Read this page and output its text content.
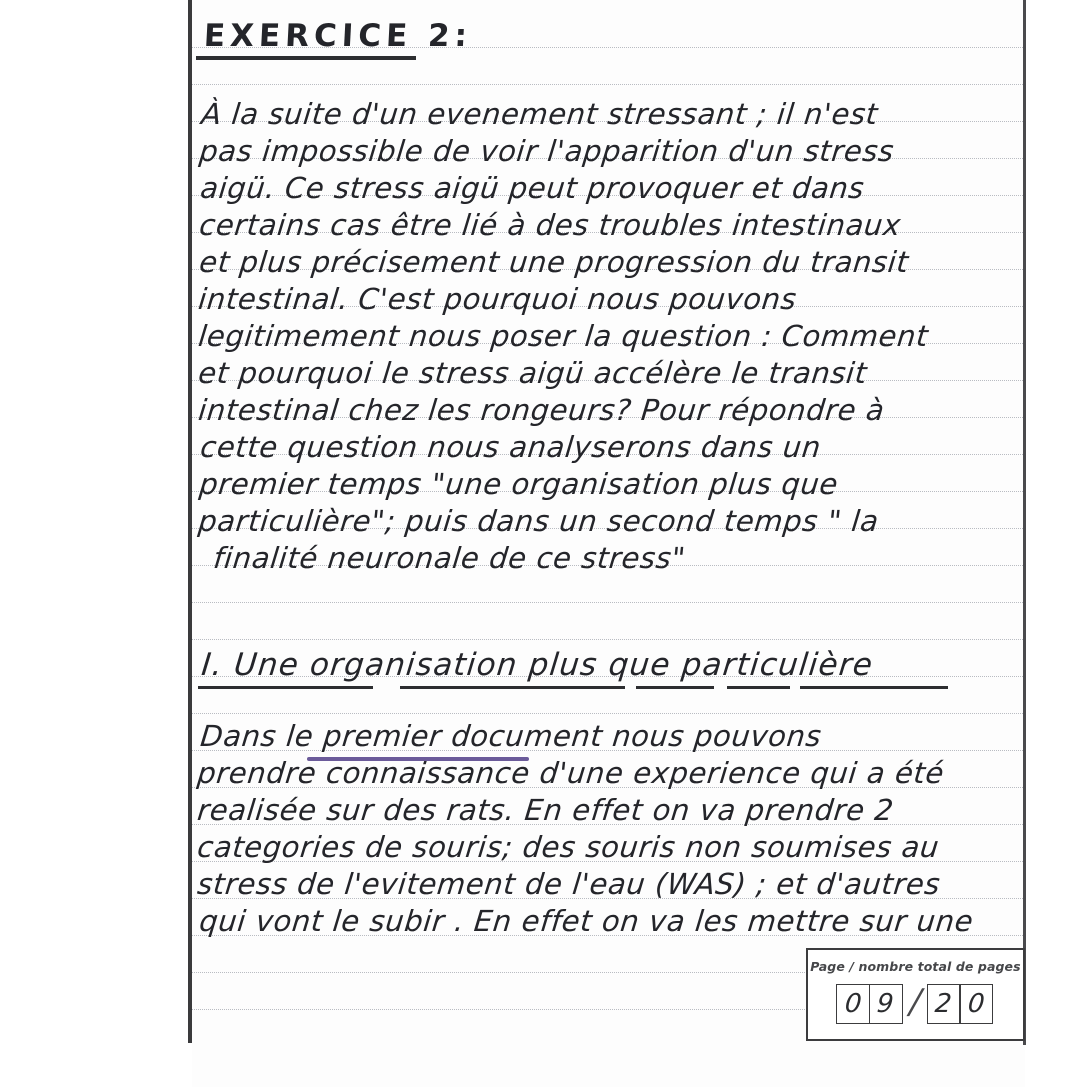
EXERCICE 2:
À la suite d'un evenement stressant ; il n'est
pas impossible de voir l'apparition d'un stress
aigü. Ce stress aigü peut provoquer et dans
certains cas être lié à des troubles intestinaux
et plus précisement une progression du transit
intestinal. C'est pourquoi nous pouvons
legitimement nous poser la question : Comment
et pourquoi le stress aigü accélère le transit
intestinal chez les rongeurs? Pour répondre à
cette question nous analyserons dans un
premier temps "une organisation plus que
particulière"; puis dans un second temps " la
finalité neuronale de ce stress"
I. Une organisation plus que particulière
Dans le premier document nous pouvons
prendre connaissance d'une experience qui a été
realisée sur des rats. En effet on va prendre 2
categories de souris; des souris non soumises au
stress de l'evitement de l'eau (WAS) ; et d'autres
qui vont le subir . En effet on va les mettre sur une
Page / nombre total de pages
0 9 / 2 0
